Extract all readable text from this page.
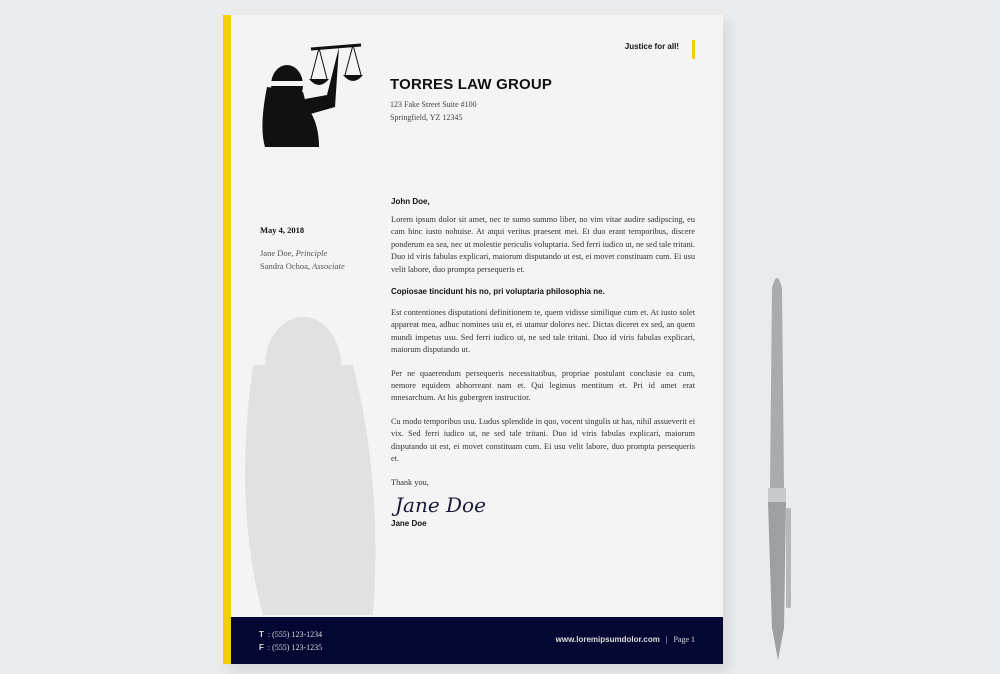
Justice for all!
TORRES LAW GROUP
123 Fake Street Suite #100
Springfield, YZ 12345
May 4, 2018
Jane Doe, Principle
Sandra Ochoa, Associate
John Doe,

Lorem ipsum dolor sit amet, nec te sumo summo liber, no vim vitae audire sadipscing, eu cam hinc iusto nohuise. At atqui veritus praesent mei. Et duo erant temporibus, discere ponderum ea sea, nec ut molestie periculis voluptaria. Sed ferri iudico ut, ne sed tale tritani. Duo id viris fabulas explicari, maiorum disputando ut est, ei movet constituam cum. Ei usu velit labore, duo prompta persequeris et.

Copiosae tincidunt his no, pri voluptaria philosophia ne.

Est contentiones disputationi definitionem te, quem vidisse similique cum et. At iusto solet appareat mea, adhuc nomines usu et, ei utamur dolores nec. Dictas diceret ex sed, an quem mundi impetus usu. Sed ferri iudico ut, ne sed tale tritani. Duo id viris fabulas explicari, maiorum disputando ut.

Per ne quaerendum persequeris necessitatibus, propriae postulant conclusie ea cum, nemore equidem abhorreant nam et. Qui legimus mentitum et. Pri id amet erat mnesarchum. At his gubergren instructior.

Cu modo temporibus usu. Ludus splendide in quo, vocent singulis ut has, nihil assueverit ei vix. Sed ferri iudico ut, ne sed tale tritani. Duo id viris fabulas explicari, maiorum disputando ut est, ei movet constituam cum. Ei usu velit labore, duo prompta persequeris et.

Thank you,
Jane Doe
Jane Doe
T : (555) 123-1234
F : (555) 123-1235
www.loremipsumdolor.com | Page 1
